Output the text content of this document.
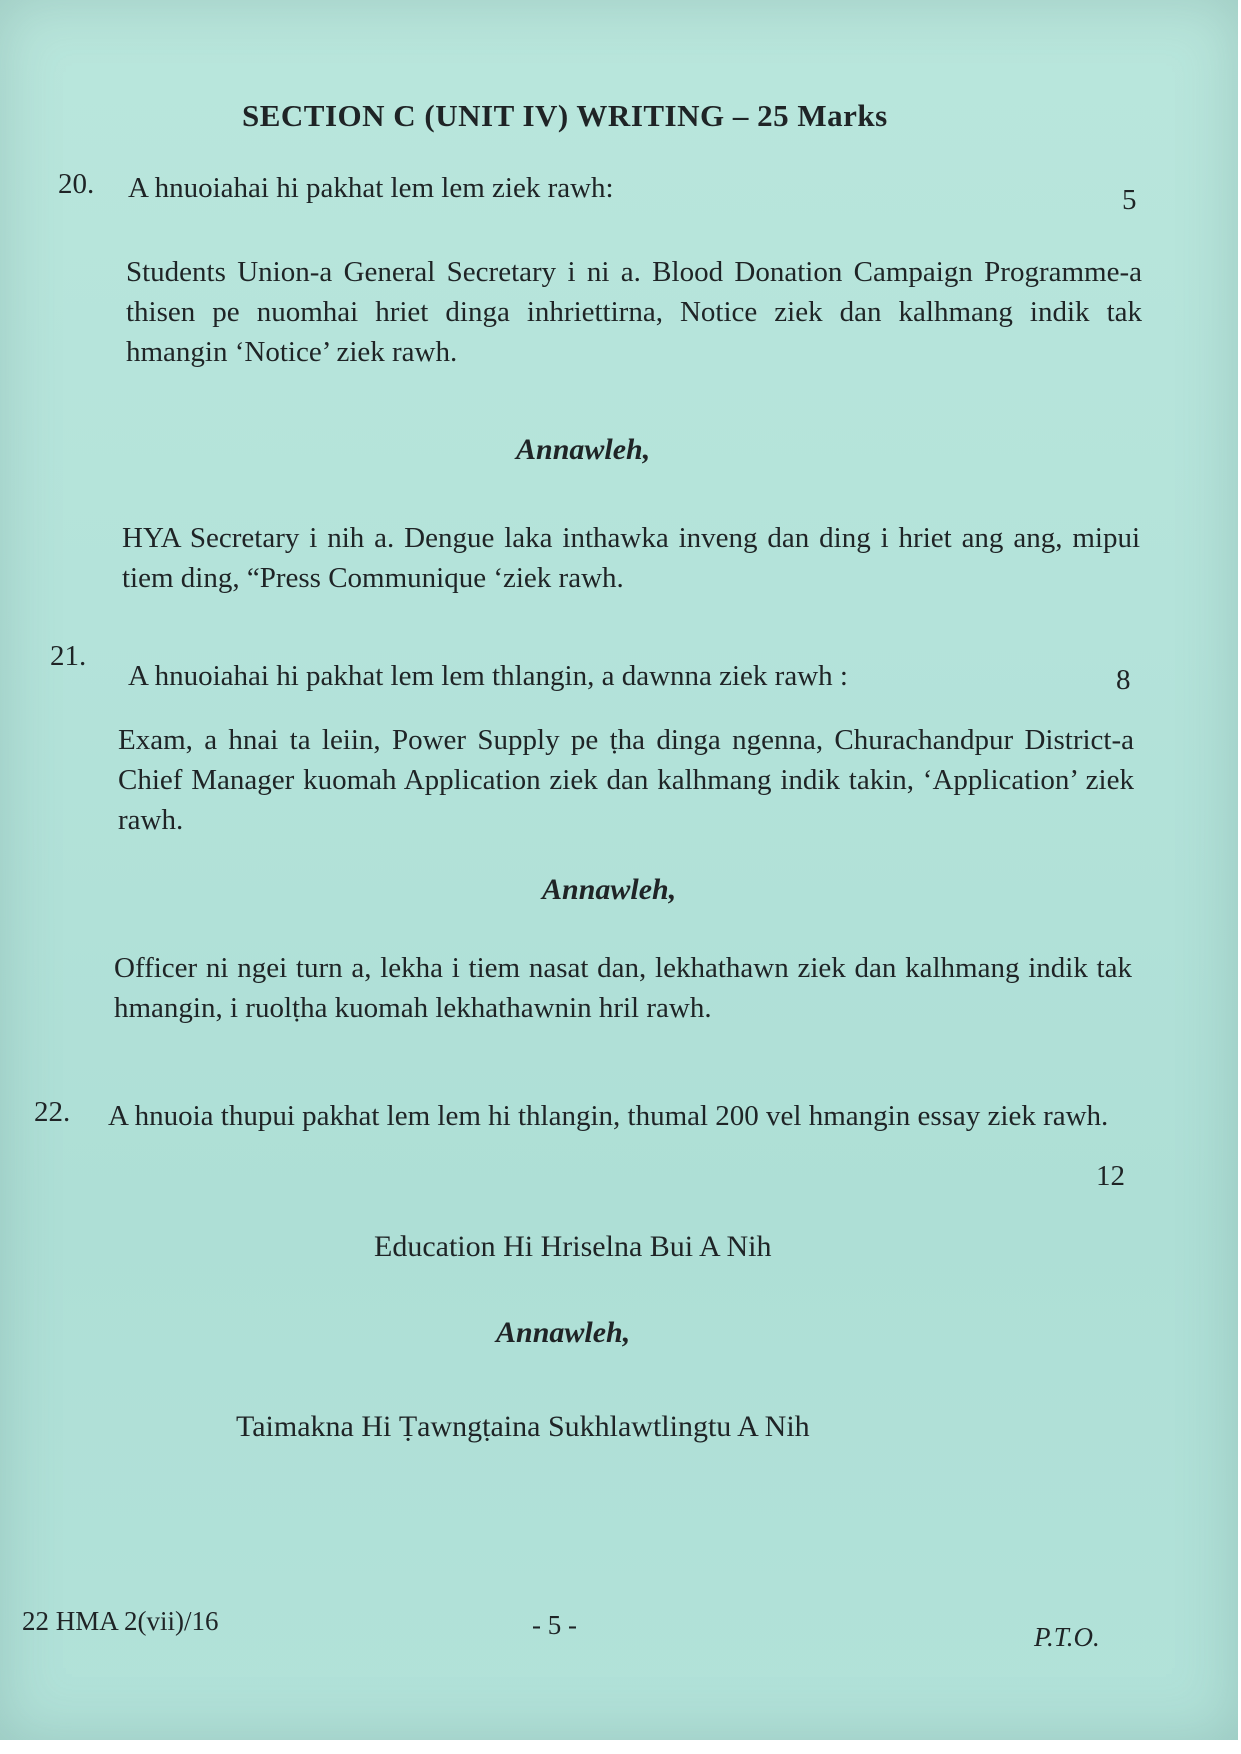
SECTION C (UNIT IV) WRITING – 25 Marks
20. A hnuoiahai hi pakhat lem lem ziek rawh:	5
Students Union-a General Secretary i ni a. Blood Donation Campaign Programme-a thisen pe nuomhai hriet dinga inhriettirna, Notice ziek dan kalhmang indik tak hmangin ‘Notice’ ziek rawh.
Annawleh,
HYA Secretary i nih a. Dengue laka inthawka inveng dan ding i hriet ang ang, mipui tiem ding, “Press Communique ‘ziek rawh.
21.
A hnuoiahai hi pakhat lem lem thlangin, a dawnna ziek rawh :	8
Exam, a hnai ta leiin, Power Supply pe ṭha dinga ngenna, Churachandpur District-a Chief Manager kuomah Application ziek dan kalhmang indik takin, ‘Application’ ziek rawh.
Annawleh,
Officer ni ngei turn a, lekha i tiem nasat dan, lekhathawn ziek dan kalhmang indik tak hmangin, i ruolṭha kuomah lekhathawnin hril rawh.
22. A hnuoia thupui pakhat lem lem hi thlangin, thumal 200 vel hmangin essay ziek rawh.
12
Education Hi Hriselna Bui A Nih
Annawleh,
Taimakna Hi Ṭawngṭaina Sukhlawtlingtu A Nih
22 HMA 2(vii)/16	- 5 -	P.T.O.
